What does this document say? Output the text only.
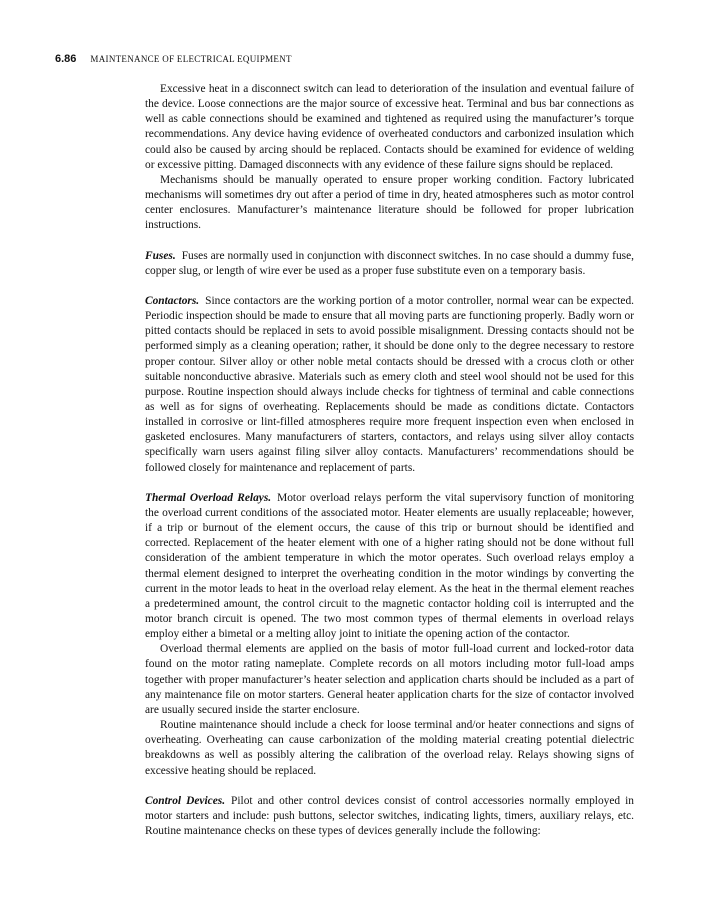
6.86 MAINTENANCE OF ELECTRICAL EQUIPMENT

Excessive heat in a disconnect switch can lead to deterioration of the insulation and eventual failure of the device. Loose connections are the major source of excessive heat. Terminal and bus bar connections as well as cable connections should be examined and tightened as required using the manufacturer’s torque recommendations. Any device having evidence of overheated conductors and carbonized insulation which could also be caused by arcing should be replaced. Contacts should be examined for evidence of welding or excessive pitting. Damaged disconnects with any evidence of these failure signs should be replaced.

Mechanisms should be manually operated to ensure proper working condition. Factory lubricated mechanisms will sometimes dry out after a period of time in dry, heated atmospheres such as motor control center enclosures. Manufacturer’s maintenance literature should be followed for proper lubrication instructions.

Fuses. Fuses are normally used in conjunction with disconnect switches. In no case should a dummy fuse, copper slug, or length of wire ever be used as a proper fuse substitute even on a temporary basis.

Contactors. Since contactors are the working portion of a motor controller, normal wear can be expected. Periodic inspection should be made to ensure that all moving parts are functioning properly. Badly worn or pitted contacts should be replaced in sets to avoid possible misalignment. Dressing contacts should not be performed simply as a cleaning operation; rather, it should be done only to the degree necessary to restore proper contour. Silver alloy or other noble metal contacts should be dressed with a crocus cloth or other suitable nonconductive abrasive. Materials such as emery cloth and steel wool should not be used for this purpose. Routine inspection should always include checks for tightness of terminal and cable connections as well as for signs of overheating. Replacements should be made as conditions dictate. Contactors installed in corrosive or lint-filled atmospheres require more frequent inspection even when enclosed in gasketed enclosures. Many manufacturers of starters, contactors, and relays using silver alloy contacts specifically warn users against filing silver alloy contacts. Manufacturers’ recommendations should be followed closely for maintenance and replacement of parts.

Thermal Overload Relays. Motor overload relays perform the vital supervisory function of monitoring the overload current conditions of the associated motor. Heater elements are usually replaceable; however, if a trip or burnout of the element occurs, the cause of this trip or burnout should be identified and corrected. Replacement of the heater element with one of a higher rating should not be done without full consideration of the ambient temperature in which the motor operates. Such overload relays employ a thermal element designed to interpret the overheating condition in the motor windings by converting the current in the motor leads to heat in the overload relay element. As the heat in the thermal element reaches a predetermined amount, the control circuit to the magnetic contactor holding coil is interrupted and the motor branch circuit is opened. The two most common types of thermal elements in overload relays employ either a bimetal or a melting alloy joint to initiate the opening action of the contactor.

Overload thermal elements are applied on the basis of motor full-load current and locked-rotor data found on the motor rating nameplate. Complete records on all motors including motor full-load amps together with proper manufacturer’s heater selection and application charts should be included as a part of any maintenance file on motor starters. General heater application charts for the size of contactor involved are usually secured inside the starter enclosure.

Routine maintenance should include a check for loose terminal and/or heater connections and signs of overheating. Overheating can cause carbonization of the molding material creating potential dielectric breakdowns as well as possibly altering the calibration of the overload relay. Relays showing signs of excessive heating should be replaced.

Control Devices. Pilot and other control devices consist of control accessories normally employed in motor starters and include: push buttons, selector switches, indicating lights, timers, auxiliary relays, etc. Routine maintenance checks on these types of devices generally include the following:
